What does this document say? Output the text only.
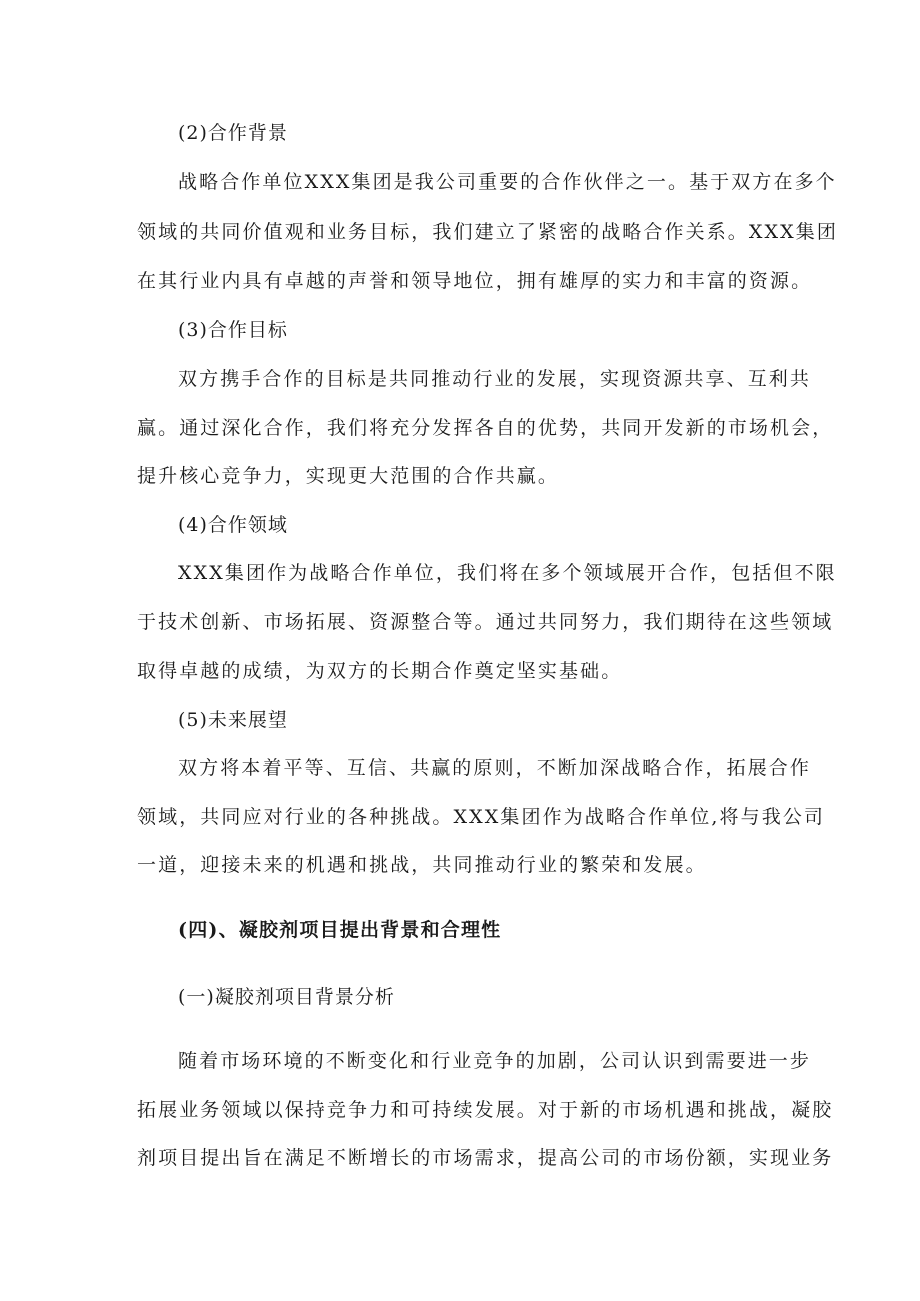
(2)合作背景
战略合作单位XXX集团是我公司重要的合作伙伴之一。基于双方在多个
领域的共同价值观和业务目标，我们建立了紧密的战略合作关系。XXX集团
在其行业内具有卓越的声誉和领导地位，拥有雄厚的实力和丰富的资源。
(3)合作目标
双方携手合作的目标是共同推动行业的发展，实现资源共享、互利共
赢。通过深化合作，我们将充分发挥各自的优势，共同开发新的市场机会，
提升核心竞争力，实现更大范围的合作共赢。
(4)合作领域
XXX集团作为战略合作单位，我们将在多个领域展开合作，包括但不限
于技术创新、市场拓展、资源整合等。通过共同努力，我们期待在这些领域
取得卓越的成绩，为双方的长期合作奠定坚实基础。
(5)未来展望
双方将本着平等、互信、共赢的原则，不断加深战略合作，拓展合作
领域，共同应对行业的各种挑战。XXX集团作为战略合作单位,将与我公司
一道，迎接未来的机遇和挑战，共同推动行业的繁荣和发展。
(四)、凝胶剂项目提出背景和合理性
(一)凝胶剂项目背景分析
随着市场环境的不断变化和行业竞争的加剧，公司认识到需要进一步
拓展业务领域以保持竞争力和可持续发展。对于新的市场机遇和挑战，凝胶
剂项目提出旨在满足不断增长的市场需求，提高公司的市场份额，实现业务
